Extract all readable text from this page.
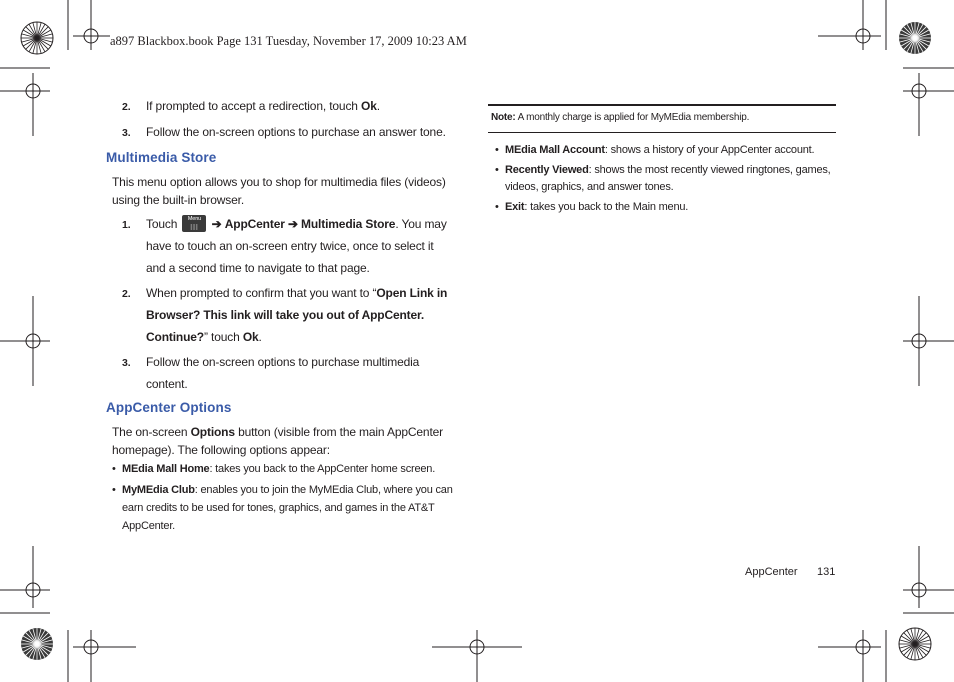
a897 Blackbox.book Page 131 Tuesday, November 17, 2009 10:23 AM
2. If prompted to accept a redirection, touch Ok.
3. Follow the on-screen options to purchase an answer tone.
Multimedia Store
This menu option allows you to shop for multimedia files (videos)
using the built-in browser.
1. Touch	Menu ➔ AppCenter ➔ Multimedia Store. You may
have to touch an on-screen entry twice, once to select it
and a second time to navigate to that page.
2. When prompted to confirm that you want to “Open Link in
Browser? This link will take you out of AppCenter.
Continue?” touch Ok.
3. Follow the on-screen options to purchase multimedia
content.
AppCenter Options
The on-screen Options button (visible from the main AppCenter
homepage). The following options appear:
• MEdia Mall Home: takes you back to the AppCenter home screen.
• MyMEdia Club: enables you to join the MyMEdia Club, where you can
earn credits to be used for tones, graphics, and games in the AT&T
AppCenter.
Note: A monthly charge is applied for MyMEdia membership.
• MEdia Mall Account: shows a history of your AppCenter account.
• Recently Viewed: shows the most recently viewed ringtones, games,
videos, graphics, and answer tones.
• Exit: takes you back to the Main menu.
AppCenter 131
